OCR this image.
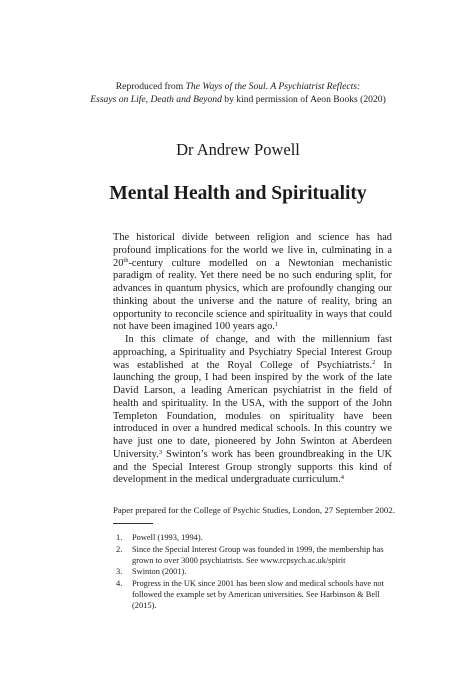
Reproduced from The Ways of the Soul. A Psychiatrist Reflects:
Essays on Life, Death and Beyond by kind permission of Aeon Books (2020)
Dr Andrew Powell
Mental Health and Spirituality

The historical divide between religion and science has had profound implications for the world we live in, culminating in a 20th-century culture modelled on a Newtonian mechanistic paradigm of reality. Yet there need be no such enduring split, for advances in quantum physics, which are profoundly changing our thinking about the universe and the nature of reality, bring an opportunity to reconcile science and spirituality in ways that could not have been imagined 100 years ago.$^1$

In this climate of change, and with the millennium fast approaching, a Spirituality and Psychiatry Special Interest Group was established at the Royal College of Psychiatrists.$^2$ In launching the group, I had been inspired by the work of the late David Larson, a leading American psychiatrist in the field of health and spirituality. In the USA, with the support of the John Templeton Foundation, modules on spirituality have been introduced in over a hundred medical schools. In this country we have just one to date, pioneered by John Swinton at Aberdeen University.$^3$ Swinton’s work has been groundbreaking in the UK and the Special Interest Group strongly supports this kind of development in the medical undergraduate curriculum.$^4$

Paper prepared for the College of Psychic Studies, London, 27 September 2002.
1.	Powell (1993, 1994).
2.	Since the Special Interest Group was founded in 1999, the membership has grown to over 3000 psychiatrists. See www.rcpsych.ac.uk/spirit
3.	Swinton (2001).
4.	Progress in the UK since 2001 has been slow and medical schools have not followed the example set by American universities. See Harbinson & Bell (2015).
